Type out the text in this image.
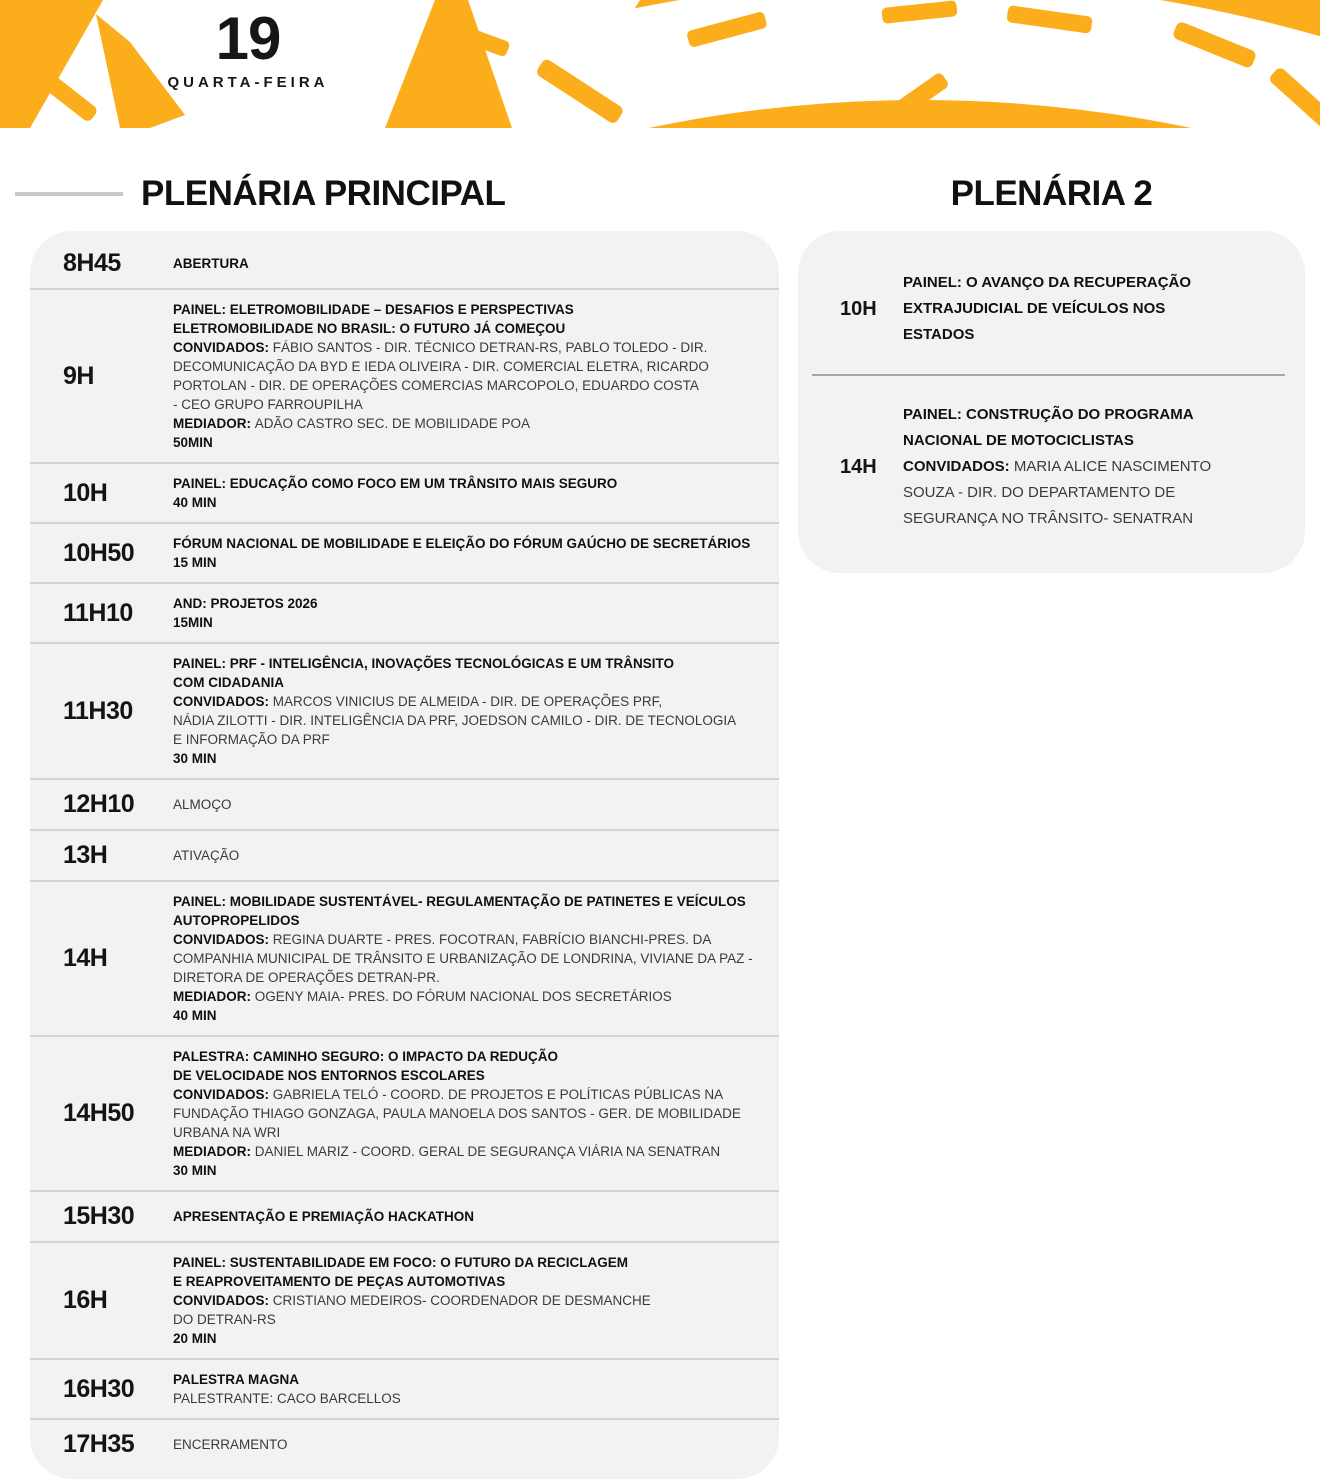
19
QUARTA-FEIRA
PLENÁRIA PRINCIPAL
8H45	ABERTURA
9H
PAINEL: ELETROMOBILIDADE – DESAFIOS E PERSPECTIVAS
ELETROMOBILIDADE NO BRASIL: O FUTURO JÁ COMEÇOU
CONVIDADOS: FÁBIO SANTOS - DIR. TÉCNICO DETRAN-RS, PABLO TOLEDO - DIR.
DECOMUNICAÇÃO DA BYD E IEDA OLIVEIRA - DIR. COMERCIAL ELETRA, RICARDO
PORTOLAN - DIR. DE OPERAÇÕES COMERCIAS MARCOPOLO, EDUARDO COSTA
- CEO GRUPO FARROUPILHA
MEDIADOR: ADÃO CASTRO SEC. DE MOBILIDADE POA
50MIN
10H	PAINEL: EDUCAÇÃO COMO FOCO EM UM TRÂNSITO MAIS SEGURO
40 MIN
10H50	FÓRUM NACIONAL DE MOBILIDADE E ELEIÇÃO DO FÓRUM GAÚCHO DE SECRETÁRIOS
15 MIN
11H10	AND: PROJETOS 2026
15MIN
11H30
PAINEL: PRF - INTELIGÊNCIA, INOVAÇÕES TECNOLÓGICAS E UM TRÂNSITO
COM CIDADANIA
CONVIDADOS: MARCOS VINICIUS DE ALMEIDA - DIR. DE OPERAÇÕES PRF,
NÁDIA ZILOTTI - DIR. INTELIGÊNCIA DA PRF, JOEDSON CAMILO - DIR. DE TECNOLOGIA
E INFORMAÇÃO DA PRF
30 MIN
12H10	ALMOÇO
13H	ATIVAÇÃO
14H
PAINEL: MOBILIDADE SUSTENTÁVEL- REGULAMENTAÇÃO DE PATINETES E VEÍCULOS
AUTOPROPELIDOS
CONVIDADOS: REGINA DUARTE - PRES. FOCOTRAN, FABRÍCIO BIANCHI-PRES. DA
COMPANHIA MUNICIPAL DE TRÂNSITO E URBANIZAÇÃO DE LONDRINA, VIVIANE DA PAZ -
DIRETORA DE OPERAÇÕES DETRAN-PR.
MEDIADOR: OGENY MAIA- PRES. DO FÓRUM NACIONAL DOS SECRETÁRIOS
40 MIN
14H50
PALESTRA: CAMINHO SEGURO: O IMPACTO DA REDUÇÃO
DE VELOCIDADE NOS ENTORNOS ESCOLARES
CONVIDADOS: GABRIELA TELÓ - COORD. DE PROJETOS E POLÍTICAS PÚBLICAS NA
FUNDAÇÃO THIAGO GONZAGA, PAULA MANOELA DOS SANTOS - GER. DE MOBILIDADE
URBANA NA WRI
MEDIADOR: DANIEL MARIZ - COORD. GERAL DE SEGURANÇA VIÁRIA NA SENATRAN
30 MIN
15H30	APRESENTAÇÃO E PREMIAÇÃO HACKATHON
16H
PAINEL: SUSTENTABILIDADE EM FOCO: O FUTURO DA RECICLAGEM
E REAPROVEITAMENTO DE PEÇAS AUTOMOTIVAS
CONVIDADOS: CRISTIANO MEDEIROS- COORDENADOR DE DESMANCHE
DO DETRAN-RS
20 MIN
16H30	PALESTRA MAGNA
PALESTRANTE: CACO BARCELLOS
17H35	ENCERRAMENTO
PLENÁRIA 2
10H
PAINEL: O AVANÇO DA RECUPERAÇÃO
EXTRAJUDICIAL DE VEÍCULOS NOS
ESTADOS
14H
PAINEL: CONSTRUÇÃO DO PROGRAMA
NACIONAL DE MOTOCICLISTAS
CONVIDADOS: MARIA ALICE NASCIMENTO
SOUZA - DIR. DO DEPARTAMENTO DE
SEGURANÇA NO TRÂNSITO- SENATRAN
